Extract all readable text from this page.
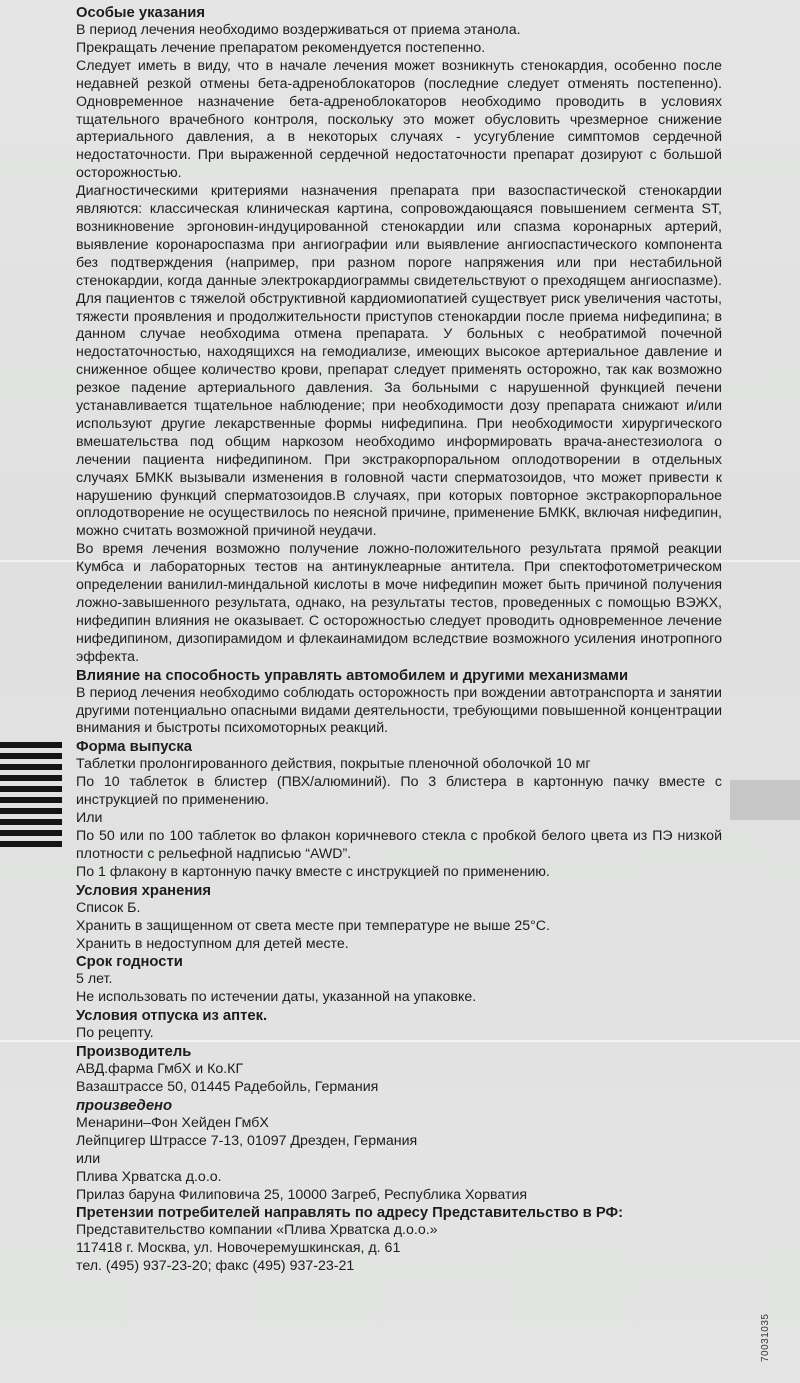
Особые указания

В период лечения необходимо воздерживаться от приема этанола.

Прекращать лечение препаратом рекомендуется постепенно.

Следует иметь в виду, что в начале лечения может возникнуть стенокардия, особенно после недавней резкой отмены бета-адреноблокаторов (последние следует отменять постепенно). Одновременное назначение бета-адреноблокаторов необходимо проводить в условиях тщательного врачебного контроля, поскольку это может обусловить чрезмерное снижение артериального давления, а в некоторых случаях - усугубление симптомов сердечной недостаточности. При выраженной сердечной недостаточности препарат дозируют с большой осторожностью.

Диагностическими критериями назначения препарата при вазоспастической стенокардии являются: классическая клиническая картина, сопровождающаяся повышением сегмента ST, возникновение эргоновин-индуцированной стенокардии или спазма коронарных артерий, выявление коронароспазма при ангиографии или выявление ангиоспастического компонента без подтверждения (например, при разном пороге напряжения или при нестабильной стенокардии, когда данные электрокардиограммы свидетельствуют о преходящем ангиоспазме). Для пациентов с тяжелой обструктивной кардиомиопатией существует риск увеличения частоты, тяжести проявления и продолжительности приступов стенокардии после приема нифедипина; в данном случае необходима отмена препарата. У больных с необратимой почечной недостаточностью, находящихся на гемодиализе, имеющих высокое артериальное давление и сниженное общее количество крови, препарат следует применять осторожно, так как возможно резкое падение артериального давления. За больными с нарушенной функцией печени устанавливается тщательное наблюдение; при необходимости дозу препарата снижают и/или используют другие лекарственные формы нифедипина. При необходимости хирургического вмешательства под общим наркозом необходимо информировать врача-анестезиолога о лечении пациента нифедипином. При экстракорпоральном оплодотворении в отдельных случаях БМКК вызывали изменения в головной части сперматозоидов, что может привести к нарушению функций сперматозоидов.В случаях, при которых повторное экстракорпоральное оплодотворение не осуществилось по неясной причине, применение БМКК, включая нифедипин, можно считать возможной причиной неудачи.

Во время лечения возможно получение ложно-положительного результата прямой реакции Кумбса и лабораторных тестов на антинуклеарные антитела. При спектофотометрическом определении ванилил-миндальной кислоты в моче нифедипин может быть причиной получения ложно-завышенного результата, однако, на результаты тестов, проведенных с помощью ВЭЖХ, нифедипин влияния не оказывает. С осторожностью следует проводить одновременное лечение нифедипином, дизопирамидом и флекаинамидом вследствие возможного усиления инотропного эффекта.

Влияние на способность управлять автомобилем и другими механизмами

В период лечения необходимо соблюдать осторожность при вождении автотранспорта и занятии другими потенциально опасными видами деятельности, требующими повышенной концентрации внимания и быстроты психомоторных реакций.

Форма выпуска

Таблетки пролонгированного действия, покрытые пленочной оболочкой 10 мг

По 10 таблеток в блистер (ПВХ/алюминий). По 3 блистера в картонную пачку вместе с инструкцией по применению.

Или

По 50 или по 100 таблеток во флакон коричневого стекла с пробкой белого цвета из ПЭ низкой плотности с рельефной надписью “AWD”.

По 1 флакону в картонную пачку вместе с инструкцией по применению.

Условия хранения

Список Б.

Хранить в защищенном от света месте при температуре не выше 25°С.

Хранить в недоступном для детей месте.

Срок годности

5 лет.

Не использовать по истечении даты, указанной на упаковке.

Условия отпуска из аптек.

По рецепту.

Производитель

АВД.фарма ГмбХ и Ко.КГ

Вазаштрассе 50, 01445 Радебойль, Германия

произведено

Менарини–Фон Хейден ГмбХ

Лейпцигер Штрассе 7-13, 01097 Дрезден, Германия

или

Плива Хрватска д.о.о.

Прилаз баруна Филиповича 25, 10000 Загреб, Республика Хорватия

Претензии потребителей направлять по адресу Представительство в РФ:

Представительство компании «Плива Хрватска д.о.о.»

117418 г. Москва, ул. Новочеремушкинская, д. 61

тел. (495) 937-23-20; факс (495) 937-23-21

70031035
